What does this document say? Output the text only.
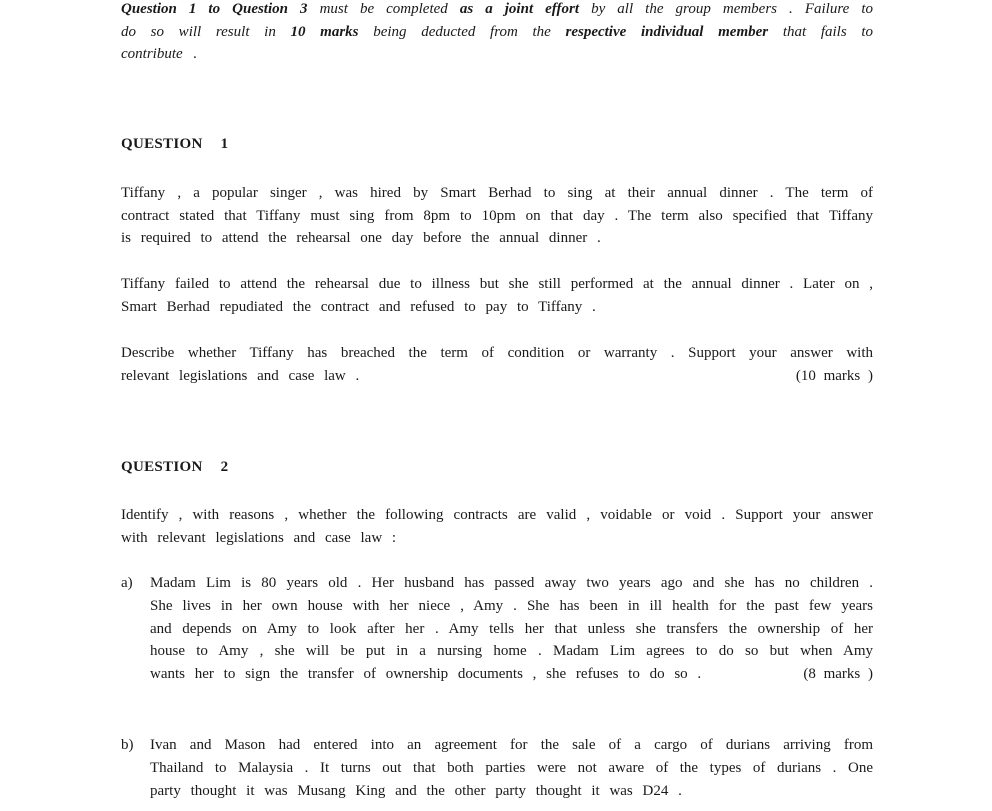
Question 1 to Question 3 must be completed as a joint effort by all the group members . Failure to do so will result in 10 marks being deducted from the respective individual member that fails to contribute .
QUESTION 1
Tiffany , a popular singer , was hired by Smart Berhad to sing at their annual dinner . The term of contract stated that Tiffany must sing from 8pm to 10pm on that day . The term also specified that Tiffany is required to attend the rehearsal one day before the annual dinner .
Tiffany failed to attend the rehearsal due to illness but she still performed at the annual dinner . Later on , Smart Berhad repudiated the contract and refused to pay to Tiffany .
Describe whether Tiffany has breached the term of condition or warranty . Support your answer with relevant legislations and case law .	(10 marks )
QUESTION 2
Identify , with reasons , whether the following contracts are valid , voidable or void . Support your answer with relevant legislations and case law :
a) Madam Lim is 80 years old . Her husband has passed away two years ago and she has no children . She lives in her own house with her niece , Amy . She has been in ill health for the past few years and depends on Amy to look after her . Amy tells her that unless she transfers the ownership of her house to Amy , she will be put in a nursing home . Madam Lim agrees to do so but when Amy wants her to sign the transfer of ownership documents , she refuses to do so .	(8 marks )
b) Ivan and Mason had entered into an agreement for the sale of a cargo of durians arriving from Thailand to Malaysia . It turns out that both parties were not aware of the types of durians . One party thought it was Musang King and the other party thought it was D24 .
